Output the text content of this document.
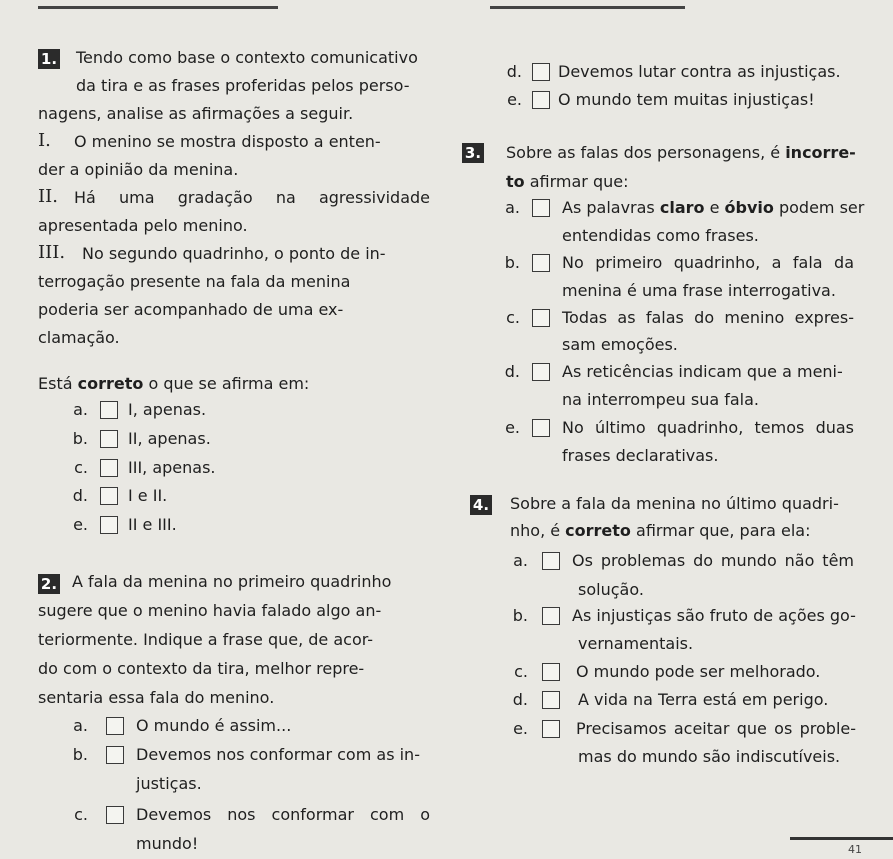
1. Tendo como base o contexto comunicativo
da tira e as frases proferidas pelos perso-
nagens, analise as afirmações a seguir.
I. O menino se mostra disposto a enten-
der a opinião da menina.
II. Há uma gradação na agressividade
apresentada pelo menino.
III. No segundo quadrinho, o ponto de in-
terrogação presente na fala da menina
poderia ser acompanhado de uma ex-
clamação.
Está correto o que se afirma em:
a.	I, apenas.
b.	II, apenas.
c.	III, apenas.
d.	I e II.
e.	II e III.
2. A fala da menina no primeiro quadrinho
sugere que o menino havia falado algo an-
teriormente. Indique a frase que, de acor-
do com o contexto da tira, melhor repre-
sentaria essa fala do menino.
a.	O mundo é assim...
b.	Devemos nos conformar com as in-
justiças.
c.	Devemos nos conformar com o
mundo!
d. Devemos lutar contra as injustiças.
e. O mundo tem muitas injustiças!
3. Sobre as falas dos personagens, é incorre-
to afirmar que:
a.	As palavras claro e óbvio podem ser
entendidas como frases.
b.	No primeiro quadrinho, a fala da
menina é uma frase interrogativa.
c.	Todas as falas do menino expres-
sam emoções.
d.	As reticências indicam que a meni-
na interrompeu sua fala.
e.	No último quadrinho, temos duas
frases declarativas.
4. Sobre a fala da menina no último quadri-
nho, é correto afirmar que, para ela:
a.	Os problemas do mundo não têm
solução.
b.	As injustiças são fruto de ações go-
vernamentais.
c.	O mundo pode ser melhorado.
d.	A vida na Terra está em perigo.
e.	Precisamos aceitar que os proble-
mas do mundo são indiscutíveis.
41
